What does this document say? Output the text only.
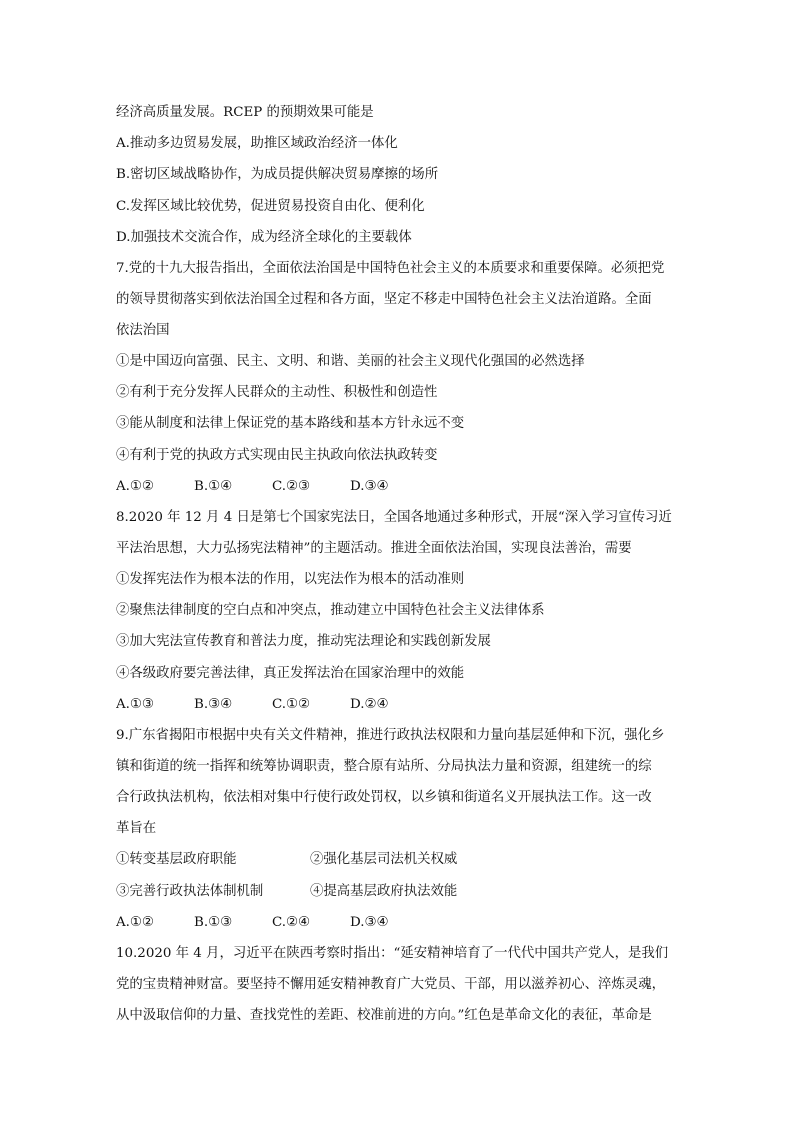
经济高质量发展。RCEP 的预期效果可能是
A.推动多边贸易发展，助推区域政治经济一体化
B.密切区域战略协作，为成员提供解决贸易摩擦的场所
C.发挥区域比较优势，促进贸易投资自由化、便利化
D.加强技术交流合作，成为经济全球化的主要载体
7.党的十九大报告指出，全面依法治国是中国特色社会主义的本质要求和重要保障。必须把党
的领导贯彻落实到依法治国全过程和各方面，坚定不移走中国特色社会主义法治道路。全面
依法治国
①是中国迈向富强、民主、文明、和谐、美丽的社会主义现代化强国的必然选择
②有利于充分发挥人民群众的主动性、积极性和创造性
③能从制度和法律上保证党的基本路线和基本方针永远不变
④有利于党的执政方式实现由民主执政向依法执政转变
A.①②	B.①④	C.②③	D.③④
8.2020 年 12 月 4 日是第七个国家宪法日，全国各地通过多种形式，开展“深入学习宣传习近
平法治思想，大力弘扬宪法精神”的主题活动。推进全面依法治国，实现良法善治，需要
①发挥宪法作为根本法的作用，以宪法作为根本的活动准则
②聚焦法律制度的空白点和冲突点，推动建立中国特色社会主义法律体系
③加大宪法宣传教育和普法力度，推动宪法理论和实践创新发展
④各级政府要完善法律，真正发挥法治在国家治理中的效能
A.①③	B.③④	C.①②	D.②④
9.广东省揭阳市根据中央有关文件精神，推进行政执法权限和力量向基层延伸和下沉，强化乡
镇和街道的统一指挥和统筹协调职责，整合原有站所、分局执法力量和资源，组建统一的综
合行政执法机构，依法相对集中行使行政处罚权，以乡镇和街道名义开展执法工作。这一改
革旨在
①转变基层政府职能	②强化基层司法机关权威
③完善行政执法体制机制	④提高基层政府执法效能
A.①②	B.①③	C.②④	D.③④
10.2020 年 4 月，习近平在陕西考察时指出：“延安精神培育了一代代中国共产党人，是我们
党的宝贵精神财富。要坚持不懈用延安精神教育广大党员、干部，用以滋养初心、淬炼灵魂，
从中汲取信仰的力量、查找党性的差距、校准前进的方向。”红色是革命文化的表征，革命是
